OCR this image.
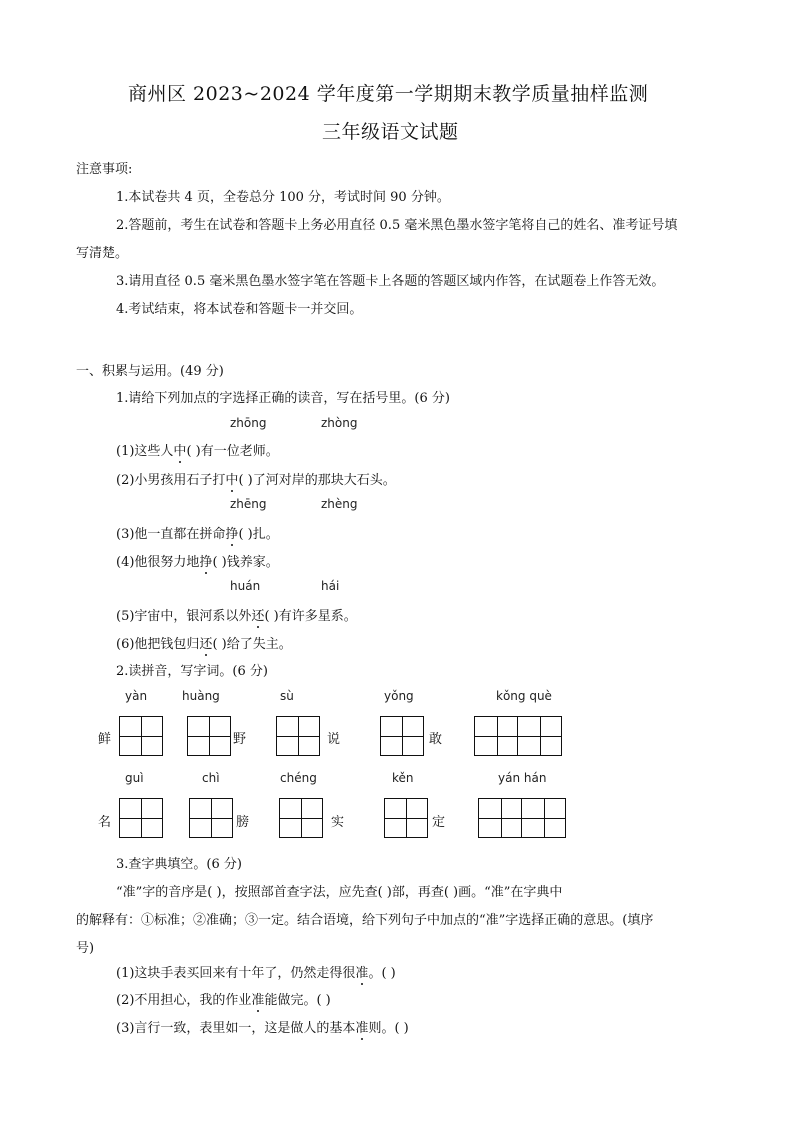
商州区 2023~2024 学年度第一学期期末教学质量抽样监测
三年级语文试题
注意事项:
1.本试卷共 4 页，全卷总分 100 分，考试时间 90 分钟。
2.答题前，考生在试卷和答题卡上务必用直径 0.5 毫米黑色墨水签字笔将自己的姓名、准考证号填
写清楚。
3.请用直径 0.5 毫米黑色墨水签字笔在答题卡上各题的答题区域内作答，在试题卷上作答无效。
4.考试结束，将本试卷和答题卡一并交回。
一、积累与运用。(49 分)
1.请给下列加点的字选择正确的读音，写在括号里。(6 分)
zhōng	zhòng
(1)这些人中( )有一位老师。
(2)小男孩用石子打中( )了河对岸的那块大石头。
zhēng	zhèng
(3)他一直都在拼命挣( )扎。
(4)他很努力地挣( )钱养家。
huán	hái
(5)宇宙中，银河系以外还( )有许多星系。
(6)他把钱包归还( )给了失主。
2.读拼音，写字词。(6 分)
yàn	huàng	sù	yǒng	kǒng què
鲜	野	说	敢
guì	chì	chéng	kěn	yán hán
名	膀	实	定
3.查字典填空。(6 分)
“准”字的音序是( )，按照部首查字法，应先查( )部，再查( )画。“准”在字典中
的解释有：①标准；②准确；③一定。结合语境，给下列句子中加点的“准”字选择正确的意思。(填序
号)
(1)这块手表买回来有十年了，仍然走得很准。( )
(2)不用担心，我的作业准能做完。( )
(3)言行一致，表里如一，这是做人的基本准则。( )
